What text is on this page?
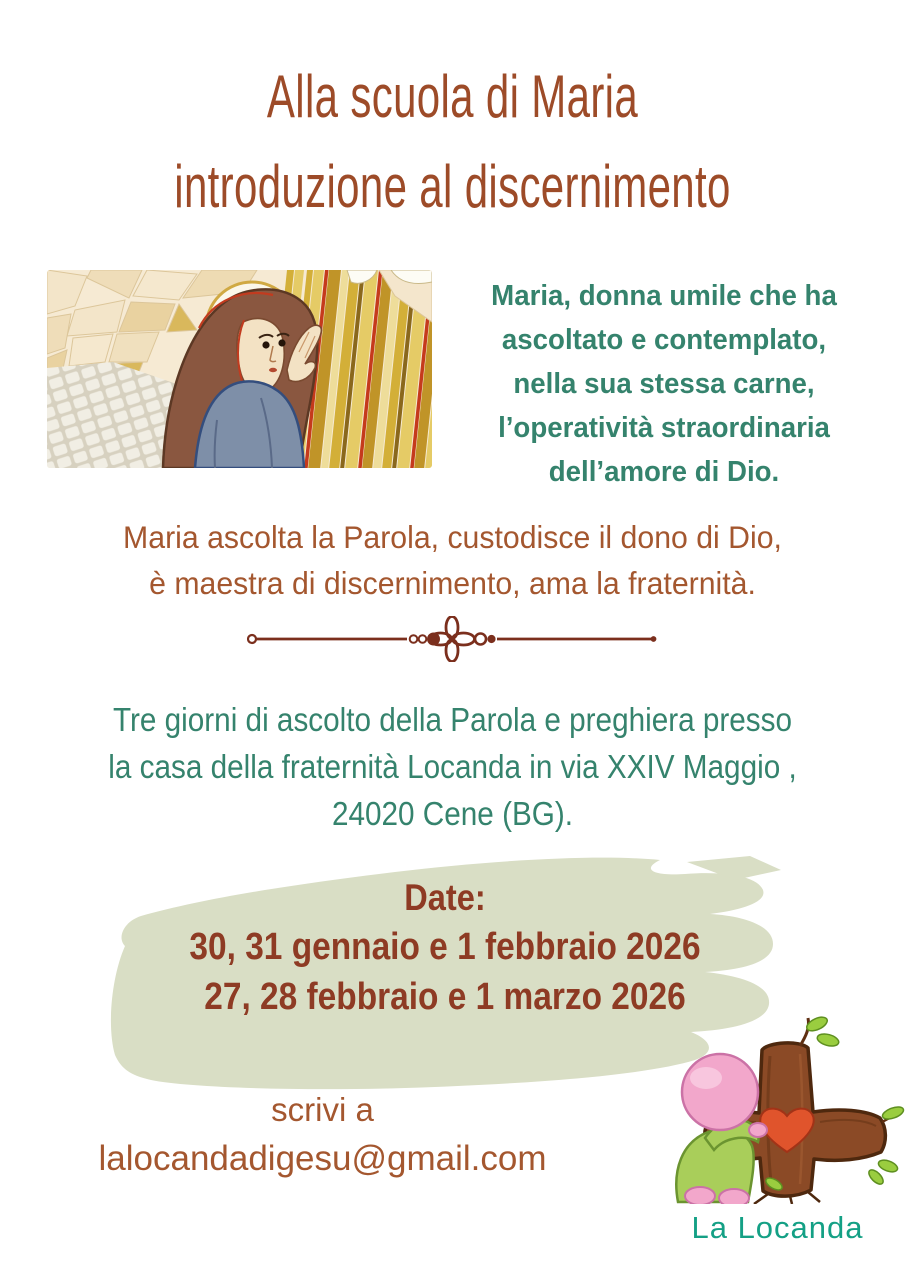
Alla scuola di Maria
introduzione al discernimento
Maria, donna umile che ha
ascoltato e contemplato,
nella sua stessa carne,
l’operatività straordinaria
dell’amore di Dio.
Maria ascolta la Parola, custodisce il dono di Dio,
è maestra di discernimento, ama la fraternità.
Tre giorni di ascolto della Parola e preghiera presso
la casa della fraternità Locanda in via XXIV Maggio ,
24020 Cene (BG).
Date:
30, 31 gennaio e 1 febbraio 2026
27, 28 febbraio e 1 marzo 2026
scrivi a
lalocandadigesu@gmail.com
La Locanda
